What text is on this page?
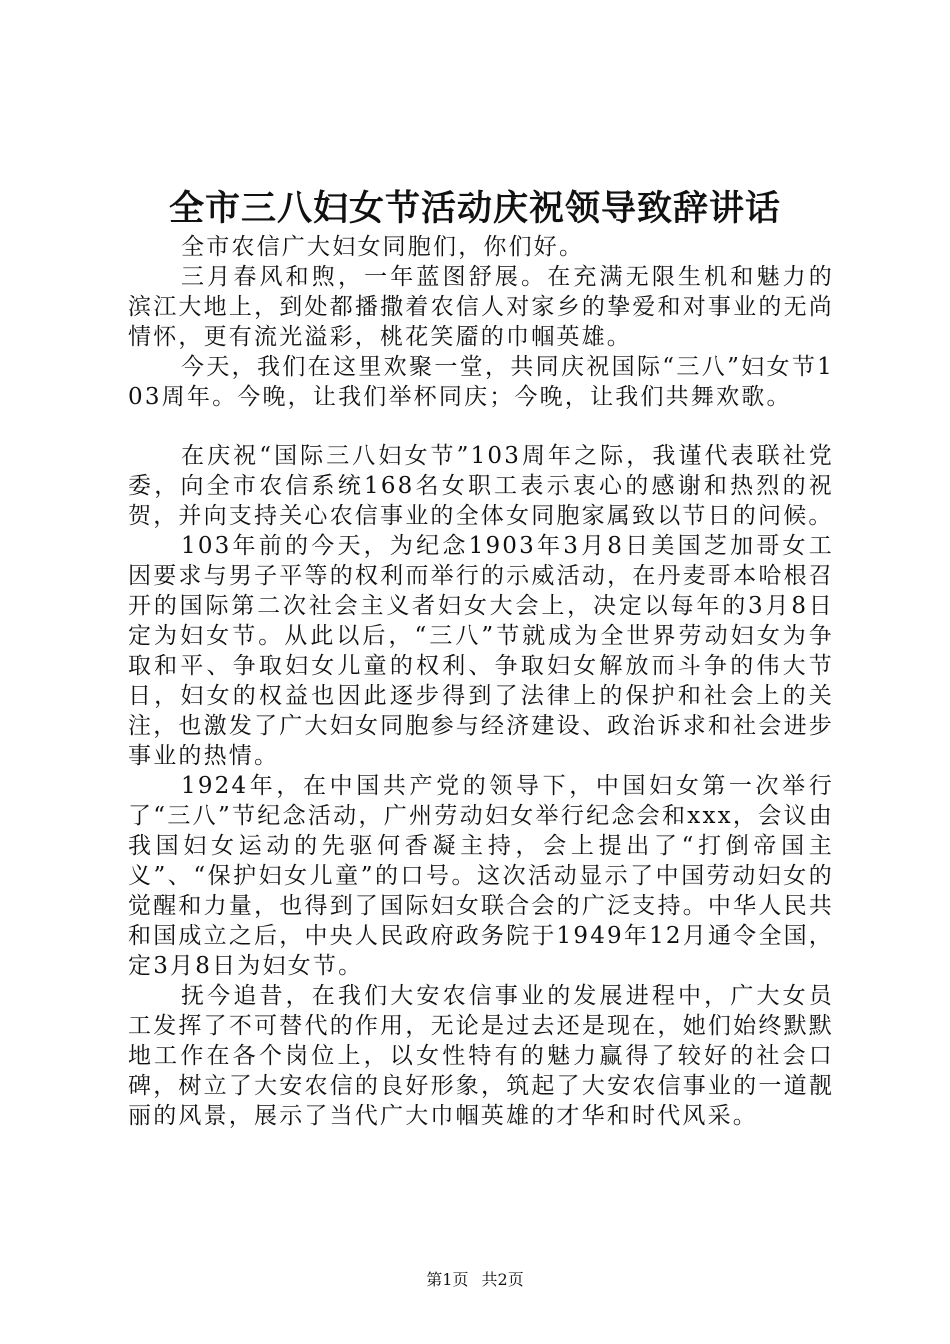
全市三八妇女节活动庆祝领导致辞讲话

全市农信广大妇女同胞们，你们好。

三月春风和煦，一年蓝图舒展。在充满无限生机和魅力的滨江大地上，到处都播撒着农信人对家乡的挚爱和对事业的无尚情怀，更有流光溢彩，桃花笑靥的巾帼英雄。

今天，我们在这里欢聚一堂，共同庆祝国际“三八”妇女节103周年。今晚，让我们举杯同庆；今晚，让我们共舞欢歌。

在庆祝“国际三八妇女节”103周年之际，我谨代表联社党委，向全市农信系统168名女职工表示衷心的感谢和热烈的祝贺，并向支持关心农信事业的全体女同胞家属致以节日的问候。

103年前的今天，为纪念1903年3月8日美国芝加哥女工因要求与男子平等的权利而举行的示威活动，在丹麦哥本哈根召开的国际第二次社会主义者妇女大会上，决定以每年的3月8日定为妇女节。从此以后，“三八”节就成为全世界劳动妇女为争取和平、争取妇女儿童的权利、争取妇女解放而斗争的伟大节日，妇女的权益也因此逐步得到了法律上的保护和社会上的关注，也激发了广大妇女同胞参与经济建设、政治诉求和社会进步事业的热情。

1924年，在中国共产党的领导下，中国妇女第一次举行了“三八”节纪念活动，广州劳动妇女举行纪念会和xxx，会议由我国妇女运动的先驱何香凝主持，会上提出了“打倒帝国主义”、“保护妇女儿童”的口号。这次活动显示了中国劳动妇女的觉醒和力量，也得到了国际妇女联合会的广泛支持。中华人民共和国成立之后，中央人民政府政务院于1949年12月通令全国，定3月8日为妇女节。

抚今追昔，在我们大安农信事业的发展进程中，广大女员工发挥了不可替代的作用，无论是过去还是现在，她们始终默默地工作在各个岗位上，以女性特有的魅力赢得了较好的社会口碑，树立了大安农信的良好形象，筑起了大安农信事业的一道靓丽的风景，展示了当代广大巾帼英雄的才华和时代风采。

第1页 共2页
